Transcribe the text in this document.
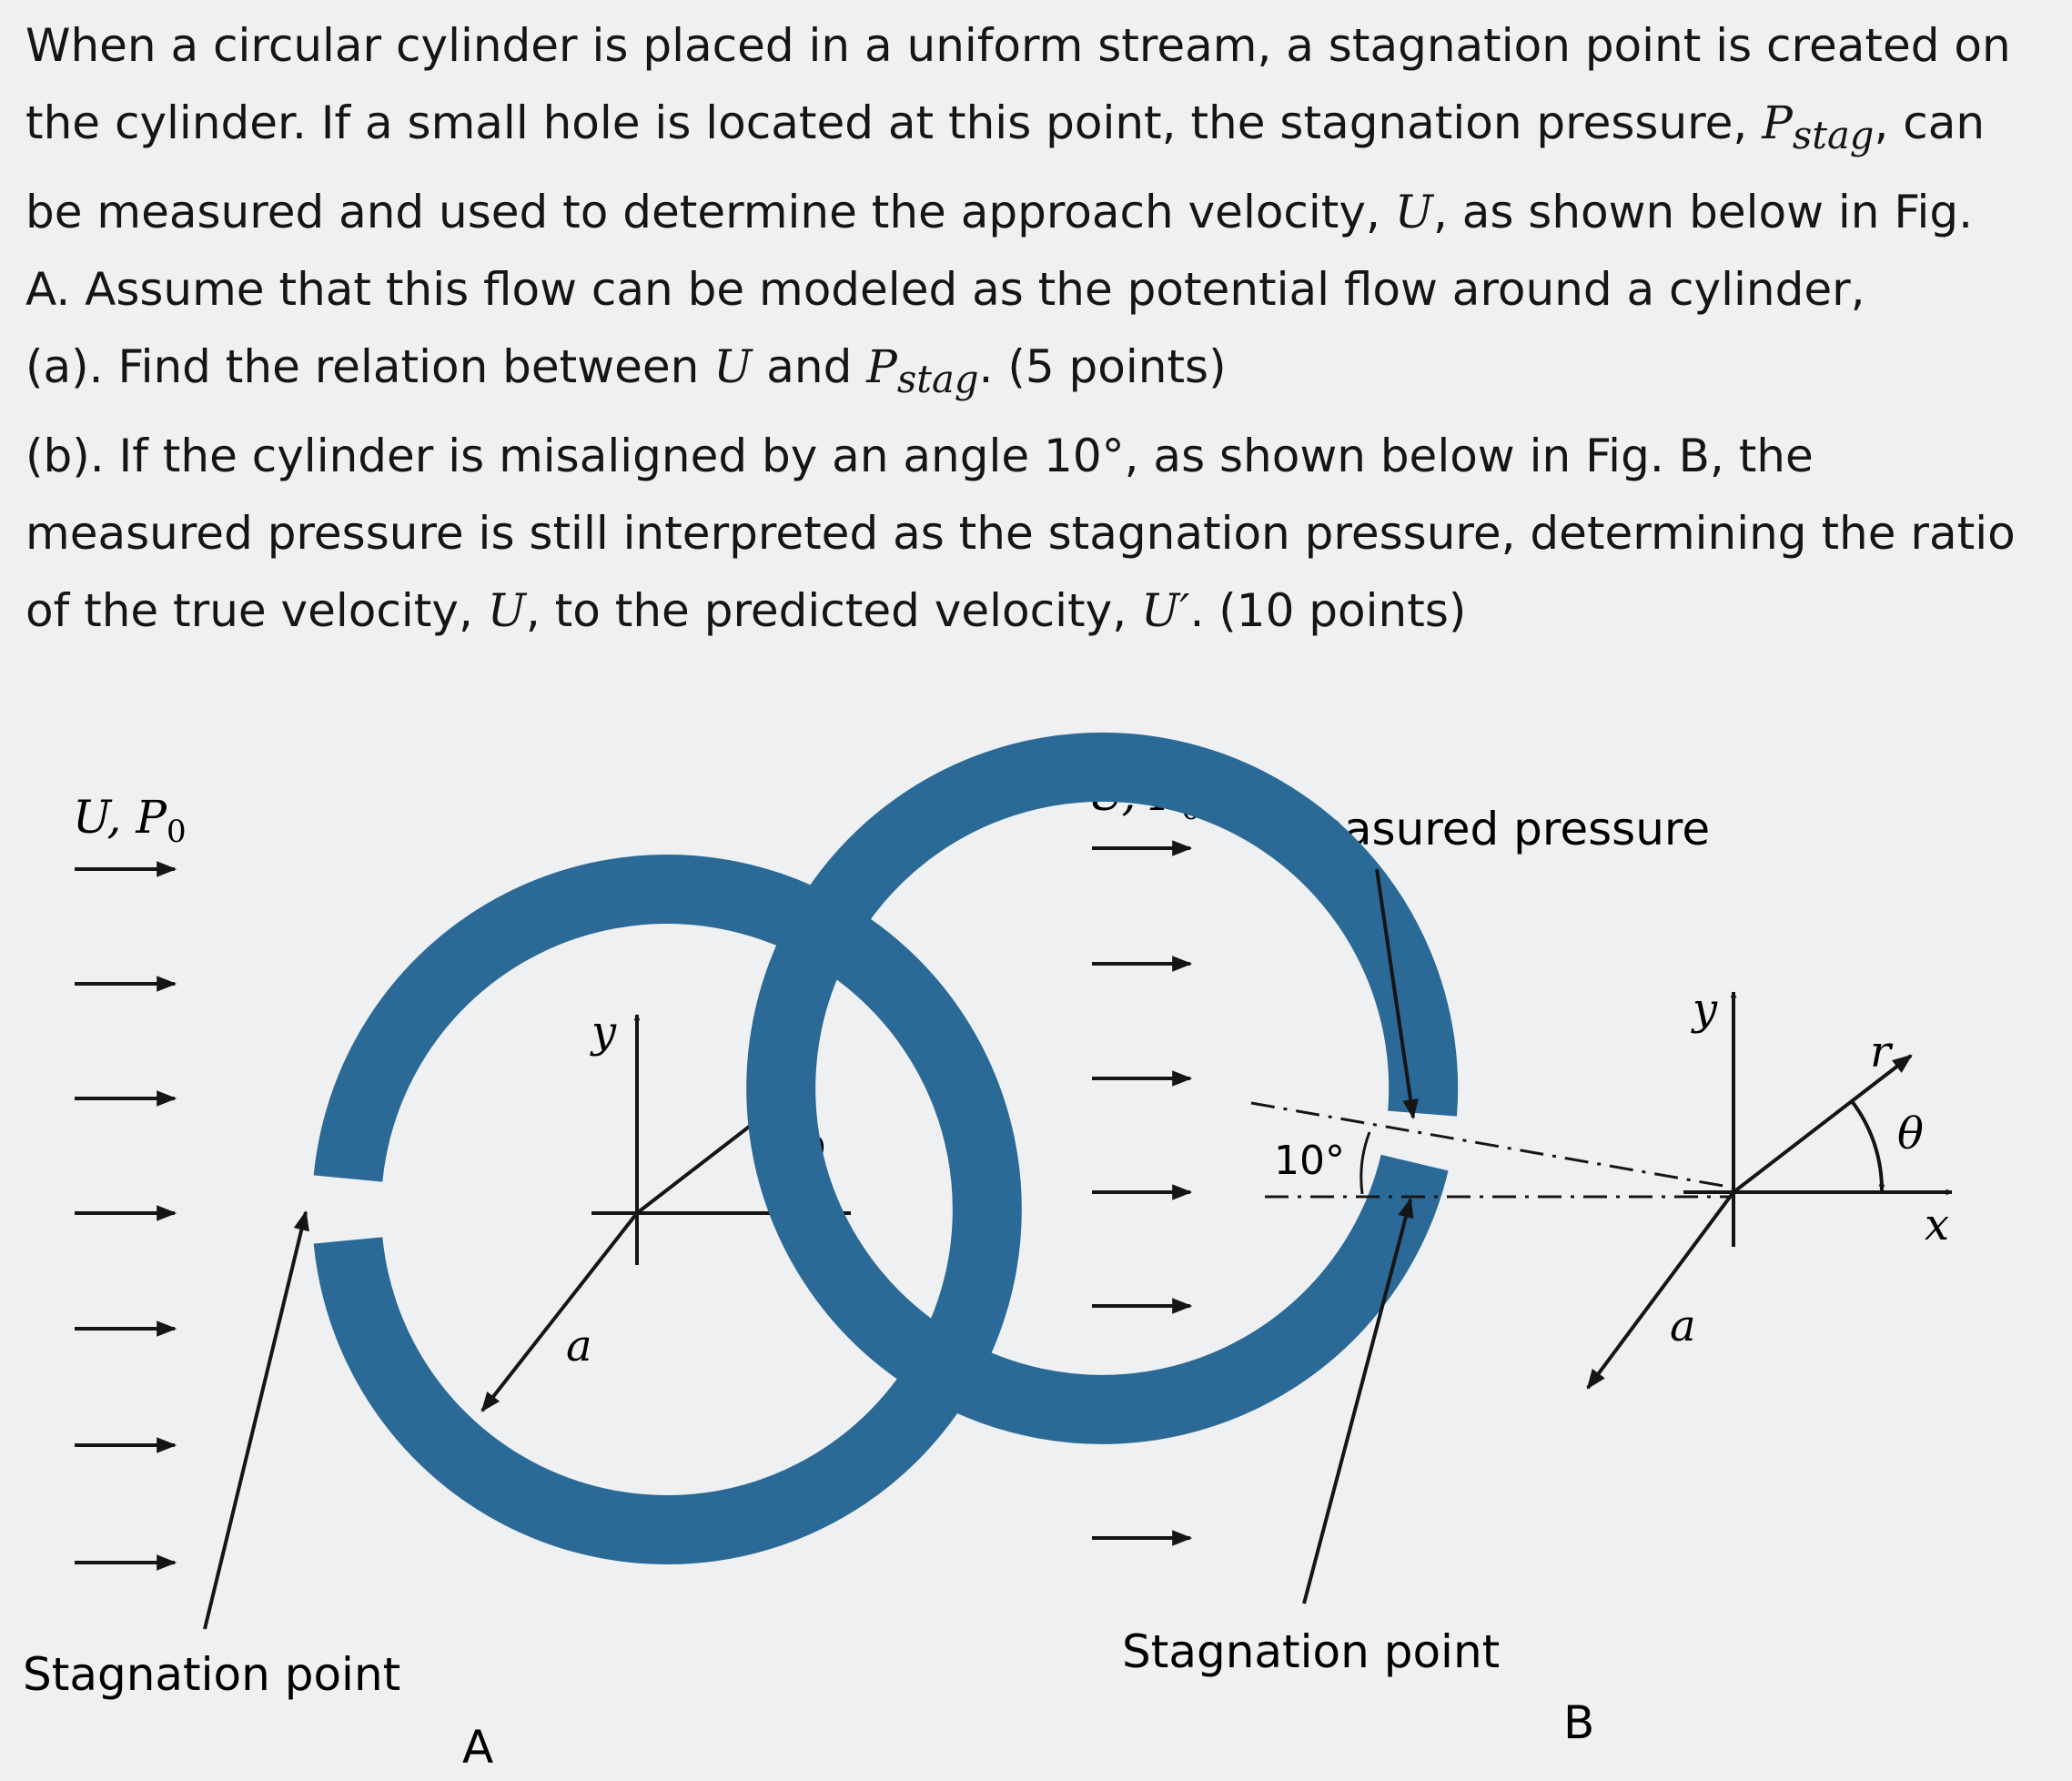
When a circular cylinder is placed in a uniform stream, a stagnation point is created on the cylinder. If a small hole is located at this point, the stagnation pressure, $P_{stag}$, can be measured and used to determine the approach velocity, U, as shown below in Fig. A. Assume that this flow can be modeled as the potential flow around a cylinder,

(a). Find the relation between U and $P_{stag}$. (5 points)

(b). If the cylinder is misaligned by an angle 10°, as shown below in Fig. B, the measured pressure is still interpreted as the stagnation pressure, determining the ratio of the true velocity, U, to the predicted velocity, U′. (10 points)

U, $P_0$
y
x
r
θ
a
Stagnation point
A
U, $P_0$ Measured pressure
10°
y
x
r
θ
a
Stagnation point
B
